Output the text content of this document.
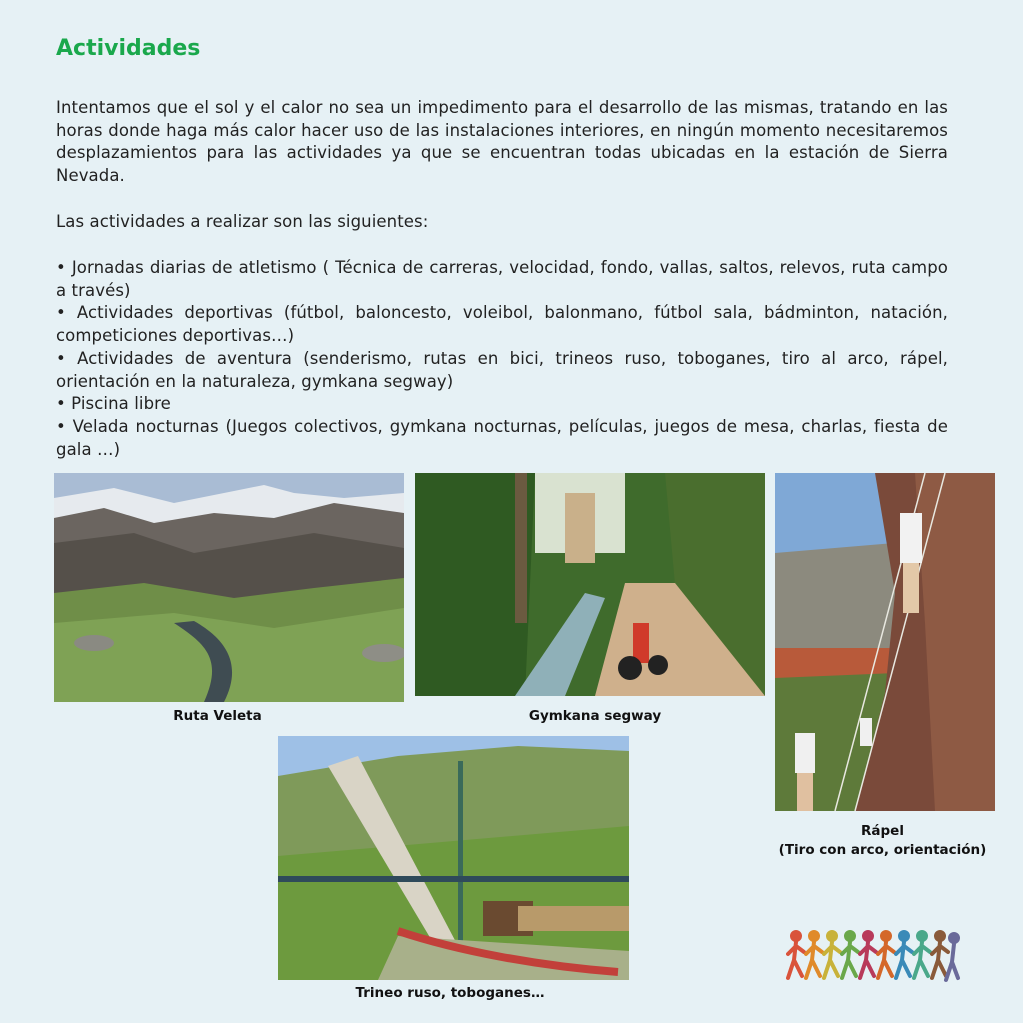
Actividades

Intentamos que el sol y el calor no sea un impedimento para el desarrollo de las mismas, tratando en las horas donde haga más calor hacer uso de las instalaciones interiores, en ningún momento necesitaremos desplazamientos para las actividades ya que se encuentran todas ubicadas en la estación de Sierra Nevada.

Las actividades a realizar son las siguientes:

• Jornadas diarias de atletismo ( Técnica de carreras, velocidad, fondo, vallas, saltos, relevos, ruta campo a través)

• Actividades deportivas (fútbol, baloncesto, voleibol, balonmano, fútbol sala, bádminton, natación, competiciones deportivas…)

• Actividades de aventura (senderismo, rutas en bici, trineos ruso, toboganes, tiro al arco, rápel, orientación en la naturaleza, gymkana segway)

• Piscina libre

• Velada nocturnas (Juegos colectivos, gymkana nocturnas, películas, juegos de mesa, charlas, fiesta de gala …)

Ruta Veleta	Gymkana segway
Rápel
(Tiro con arco, orientación)
Trineo ruso, toboganes…
